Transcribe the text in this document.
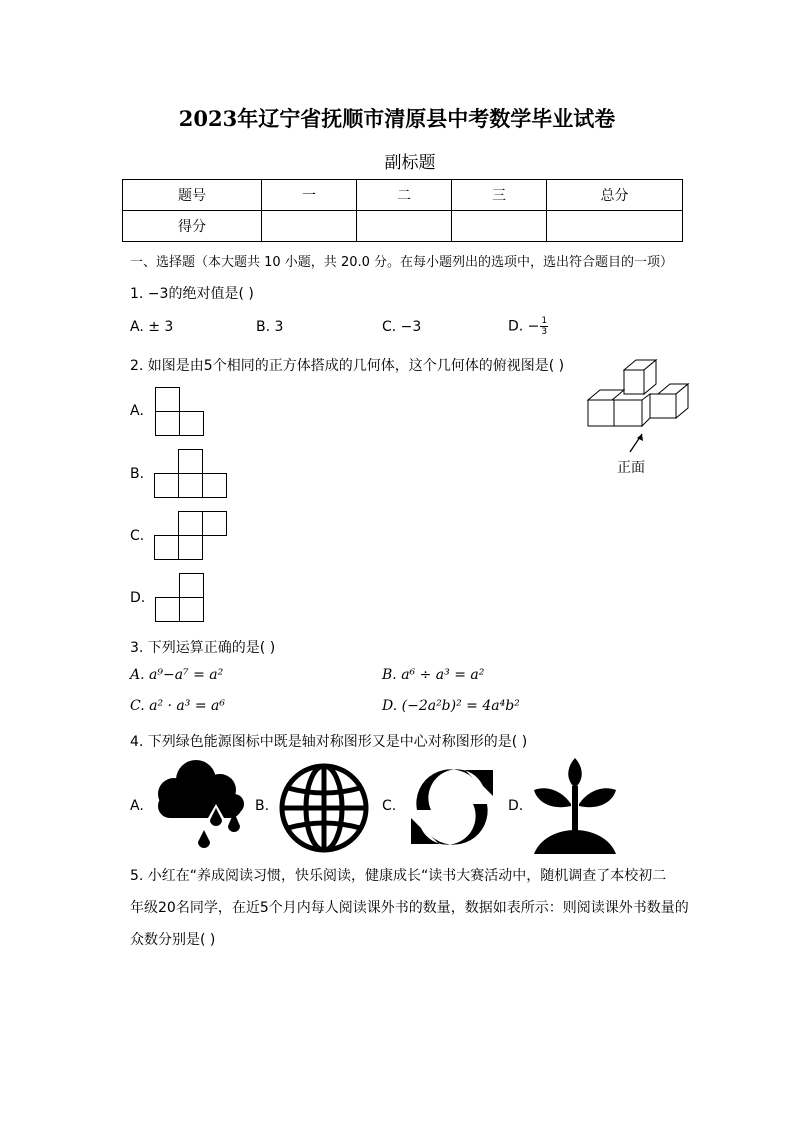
2023年辽宁省抚顺市清原县中考数学毕业试卷
副标题
题号	一	二	三	总分
得分				
一、选择题（本大题共 10 小题，共 20.0 分。在每小题列出的选项中，选出符合题目的一项）
1. −3的绝对值是( )
A. ± 3	B. 3	C. −3	D. − $\frac{1}{3}$
2. 如图是由5个相同的正方体搭成的几何体，这个几何体的俯视图是( )
正面
A.
B.
C.
D.
3. 下列运算正确的是( )
A. a⁹−a⁷ = a²	B. a⁶ ÷ a³ = a²
C. a² · a³ = a⁶	D. (−2a²b)² = 4a⁴b²
4. 下列绿色能源图标中既是轴对称图形又是中心对称图形的是( )
A.	B.	C.	D.
5. 小红在“养成阅读习惯，快乐阅读，健康成长“读书大赛活动中，随机调查了本校初二
年级20名同学，在近5个月内每人阅读课外书的数量，数据如表所示：则阅读课外书数量的
众数分别是( )
